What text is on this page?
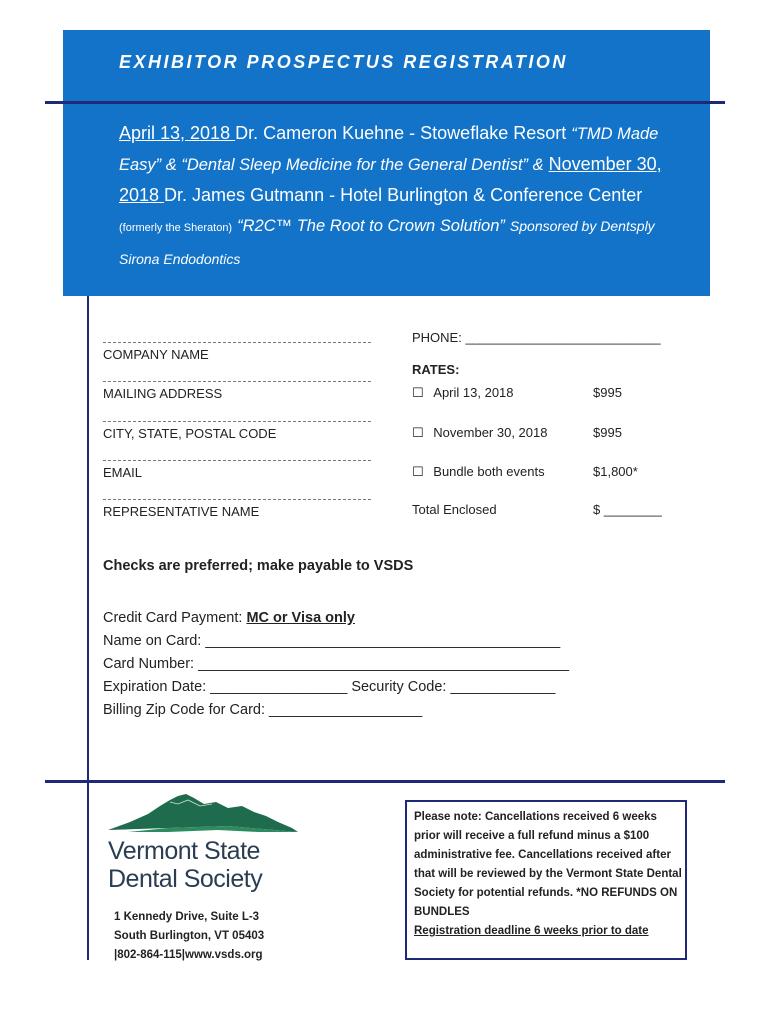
EXHIBITOR PROSPECTUS REGISTRATION
April 13, 2018 Dr. Cameron Kuehne - Stoweflake Resort “TMD Made Easy” & “Dental Sleep Medicine for the General Dentist” & November 30, 2018 Dr. James Gutmann - Hotel Burlington & Conference Center (formerly the Sheraton) “R2C™ The Root to Crown Solution” Sponsored by Dentsply Sirona Endodontics
COMPANY NAME
MAILING ADDRESS
CITY, STATE, POSTAL CODE
EMAIL
REPRESENTATIVE NAME
PHONE: ___________________________
RATES:
☐ April 13, 2018	$995
☐ November 30, 2018	$995
☐ Bundle both events	$1,800*
Total Enclosed	$ ________
Checks are preferred; make payable to VSDS
Credit Card Payment: MC or Visa only
Name on Card: ____________________________________________
Card Number: ______________________________________________
Expiration Date: _________________ Security Code: _____________
Billing Zip Code for Card: ___________________
Vermont State
Dental Society
1 Kennedy Drive, Suite L-3
South Burlington, VT 05403
|802-864-115|www.vsds.org
Please note: Cancellations received 6 weeks prior will receive a full refund minus a $100 administrative fee. Cancellations received after that will be reviewed by the Vermont State Dental Society for potential refunds. *NO REFUNDS ON BUNDLES
Registration deadline 6 weeks prior to date
